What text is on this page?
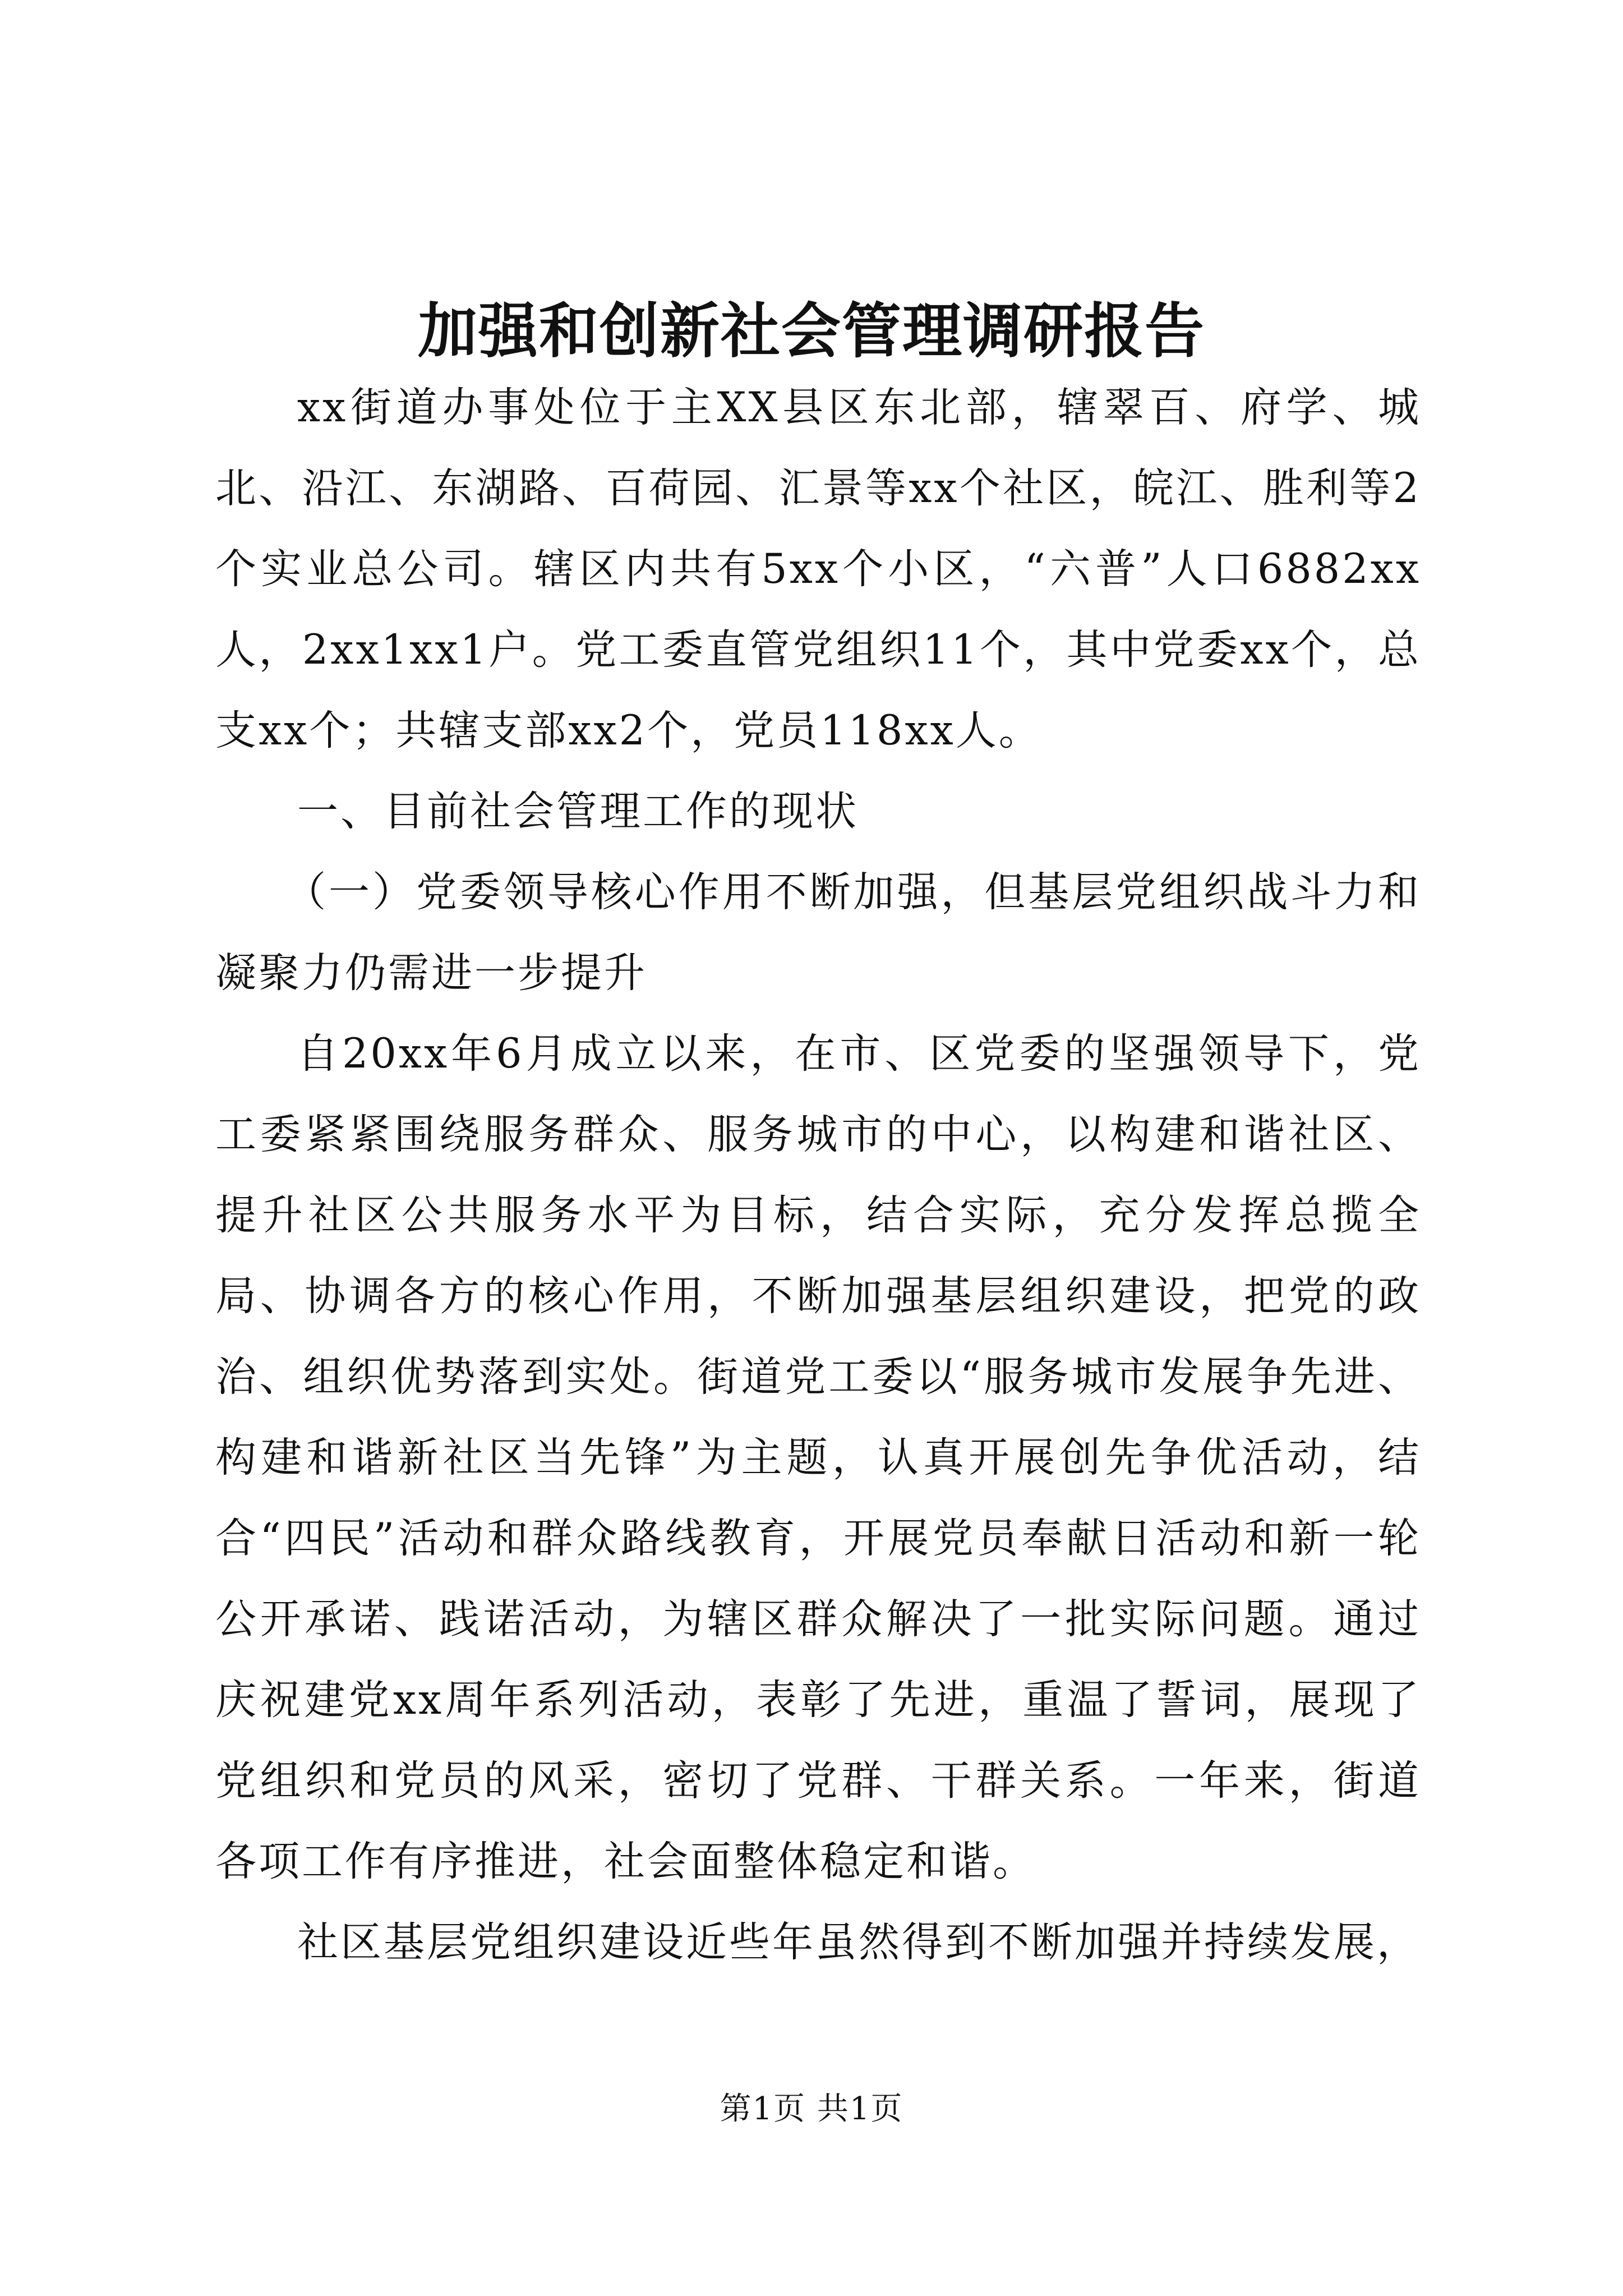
加强和创新社会管理调研报告

xx街道办事处位于主XX县区东北部，辖翠百、府学、城北、沿江、东湖路、百荷园、汇景等xx个社区，皖江、胜利等2个实业总公司。辖区内共有5xx个小区，“六普”人口6882xx人，2xx1xx1户。党工委直管党组织11个，其中党委xx个，总支xx个；共辖支部xx2个，党员118xx人。

一、目前社会管理工作的现状

（一）党委领导核心作用不断加强，但基层党组织战斗力和凝聚力仍需进一步提升

自20xx年6月成立以来，在市、区党委的坚强领导下，党工委紧紧围绕服务群众、服务城市的中心，以构建和谐社区、提升社区公共服务水平为目标，结合实际，充分发挥总揽全局、协调各方的核心作用，不断加强基层组织建设，把党的政治、组织优势落到实处。街道党工委以“服务城市发展争先进、构建和谐新社区当先锋”为主题，认真开展创先争优活动，结合“四民”活动和群众路线教育，开展党员奉献日活动和新一轮公开承诺、践诺活动，为辖区群众解决了一批实际问题。通过庆祝建党xx周年系列活动，表彰了先进，重温了誓词，展现了党组织和党员的风采，密切了党群、干群关系。一年来，街道各项工作有序推进，社会面整体稳定和谐。

社区基层党组织建设近些年虽然得到不断加强并持续发展，

第1页 共1页
